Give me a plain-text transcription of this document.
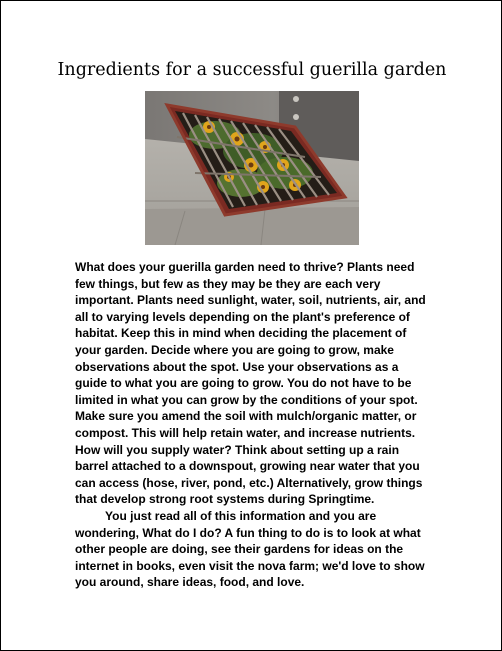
Ingredients for a successful guerilla garden

What does your guerilla garden need to thrive? Plants need few things, but few as they may be they are each very important. Plants need sunlight, water, soil, nutrients, air, and all to varying levels depending on the plant's preference of habitat. Keep this in mind when deciding the placement of your garden. Decide where you are going to grow, make observations about the spot. Use your observations as a guide to what you are going to grow. You do not have to be limited in what you can grow by the conditions of your spot. Make sure you amend the soil with mulch/organic matter, or compost. This will help retain water, and increase nutrients. How will you supply water? Think about setting up a rain barrel attached to a downspout, growing near water that you can access (hose, river, pond, etc.) Alternatively, grow things that develop strong root systems during Springtime.

You just read all of this information and you are wondering, What do I do? A fun thing to do is to look at what other people are doing, see their gardens for ideas on the internet in books, even visit the nova farm; we'd love to show you around, share ideas, food, and love.
